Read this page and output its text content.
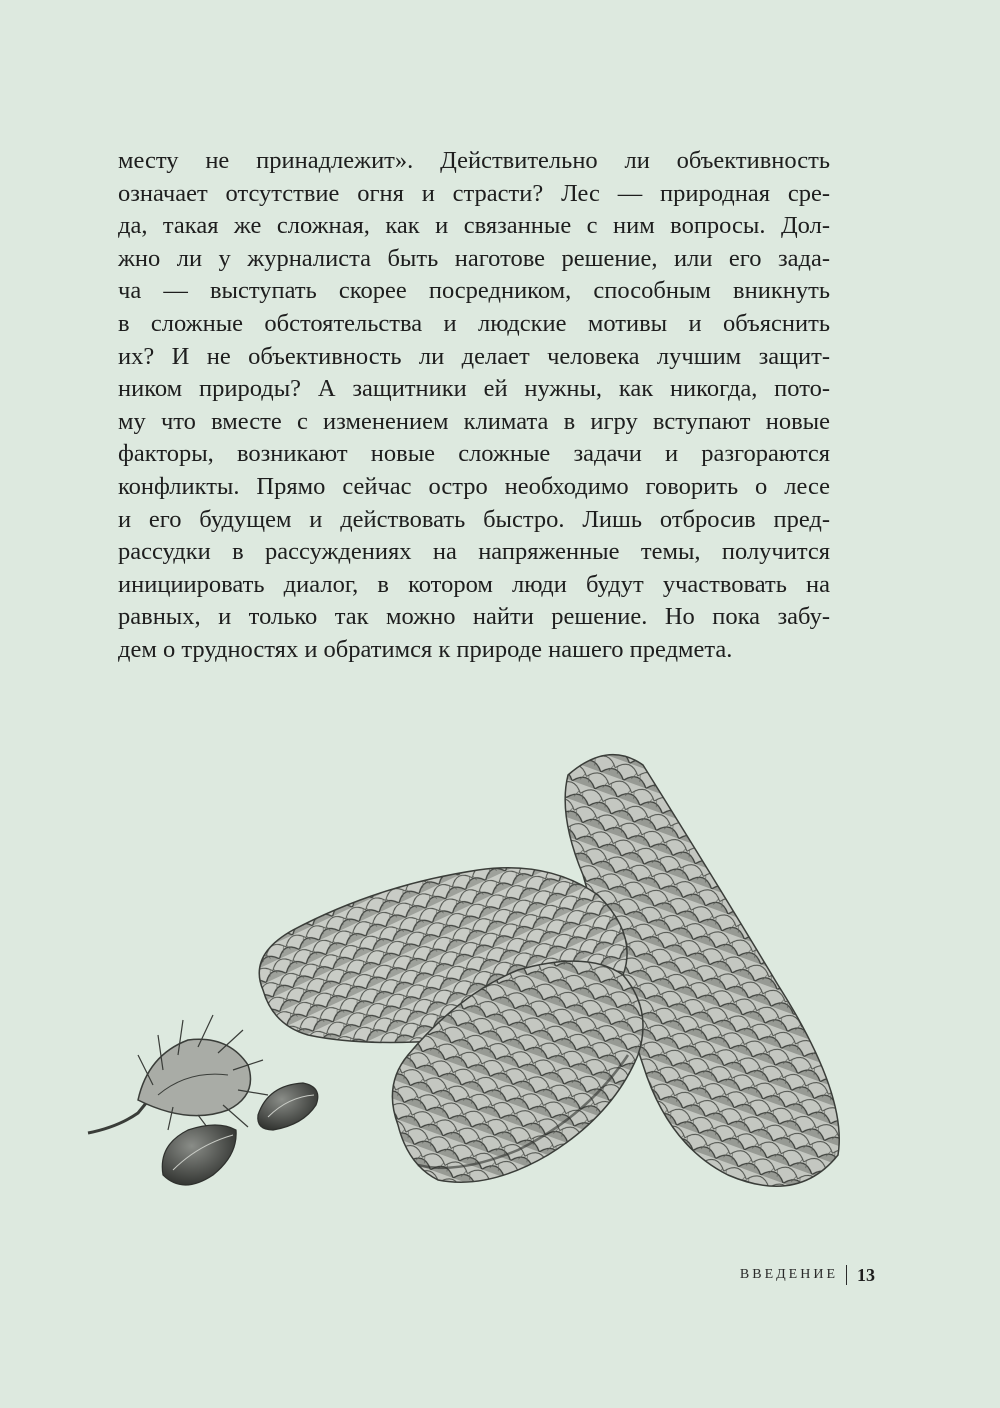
месту не принадлежит». Действительно ли объективность
означает отсутствие огня и страсти? Лес — природная сре-
да, такая же сложная, как и связанные с ним вопросы. Дол-
жно ли у журналиста быть наготове решение, или его зада-
ча — выступать скорее посредником, способным вникнуть
в сложные обстоятельства и людские мотивы и объяснить
их? И не объективность ли делает человека лучшим защит-
ником природы? А защитники ей нужны, как никогда, пото-
му что вместе с изменением климата в игру вступают новые
факторы, возникают новые сложные задачи и разгораются
конфликты. Прямо сейчас остро необходимо говорить о лесе
и его будущем и действовать быстро. Лишь отбросив пред-
рассудки в рассуждениях на напряженные темы, получится
инициировать диалог, в котором люди будут участвовать на
равных, и только так можно найти решение. Но пока забу-
дем о трудностях и обратимся к природе нашего предмета.
ВВЕДЕНИЕ 13
